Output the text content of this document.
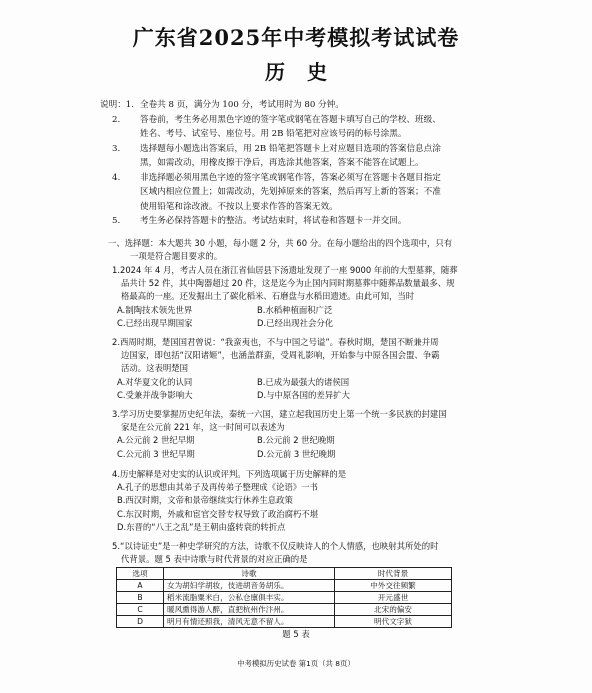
广东省2025年中考模拟考试试卷
历史
说明：1. 全卷共 8 页，满分为 100 分，考试用时为 80 分钟。
2.	答卷前，考生务必用黑色字迹的签字笔或钢笔在答题卡填写自己的学校、班级、
姓名、考号、试室号、座位号。用 2B 铅笔把对应该号码的标号涂黑。
3.	选择题每小题选出答案后，用 2B 铅笔把答题卡上对应题目选项的答案信息点涂
黑，如需改动，用橡皮擦干净后，再选涂其他答案，答案不能答在试题上。
4.	非选择题必须用黑色字迹的签字笔或钢笔作答，答案必须写在答题卡各题目指定
区域内相应位置上；如需改动，先划掉原来的答案，然后再写上新的答案；不准
使用铅笔和涂改液。不按以上要求作答的答案无效。
5.	考生务必保持答题卡的整洁。考试结束时，将试卷和答题卡一并交回。
一、选择题：本大题共 30 小题，每小题 2 分，共 60 分。在每小题给出的四个选项中，只有
一项是符合题目要求的。
1.2024 年 4 月，考古人员在浙江省仙居县下汤遗址发现了一座 9000 年前的大型墓葬，随葬
品共计 52 件，其中陶器超过 20 件，这是迄今为止国内同时期墓葬中随葬品数量最多、规
格最高的一座。还发掘出土了碳化稻米、石磨盘与水稻田遗迹。由此可知，当时
A.制陶技术领先世界	B.水稻种植面积广泛
C.已经出现早期国家	D.已经出现社会分化
2.西周时期，楚国国君曾说：“我蛮夷也，不与中国之号谥”。春秋时期，楚国不断兼并周
边国家，即包括“汉阳诸姬”，也涵盖群蛮，受周礼影响，开始参与中原各国会盟、争霸
活动。这表明楚国
A.对华夏文化的认同	B.已成为最强大的诸侯国
C.受兼并战争影响大	D.与中原各国的差异扩大
3.学习历史要掌握历史纪年法，秦统一六国，建立起我国历史上第一个统一多民族的封建国
家是在公元前 221 年，这一时间可以表述为
A.公元前 2 世纪早期	B.公元前 2 世纪晚期
C.公元前 3 世纪早期	D.公元前 3 世纪晚期
4.历史解释是对史实的认识或评判。下列选项属于历史解释的是
A.孔子的思想由其弟子及再传弟子整理成《论语》一书
B.西汉时期，文帝和景帝继续实行休养生息政策
C.东汉时期，外戚和宦官交替专权导致了政治腐朽不堪
D.东晋的“八王之乱”是王朝由盛转衰的转折点
5.“以诗证史”是一种史学研究的方法，诗歌不仅反映诗人的个人情感，也映射其所处的时
代背景。题 5 表中诗歌与时代背景的对应正确的是
选项	诗歌	时代背景
A	女为胡妇学胡妆，伎进胡音务胡乐。	中外交往频繁
B	稻米流脂粟米白，公私仓廪俱丰实。	开元盛世
C	暖风熏得游人醉，直把杭州作汴州。	北宋的偏安
D	明月有情还照我，清风无意不留人。	明代文字狱
题 5 表
中考模拟历史试卷 第1页（共 8页）
